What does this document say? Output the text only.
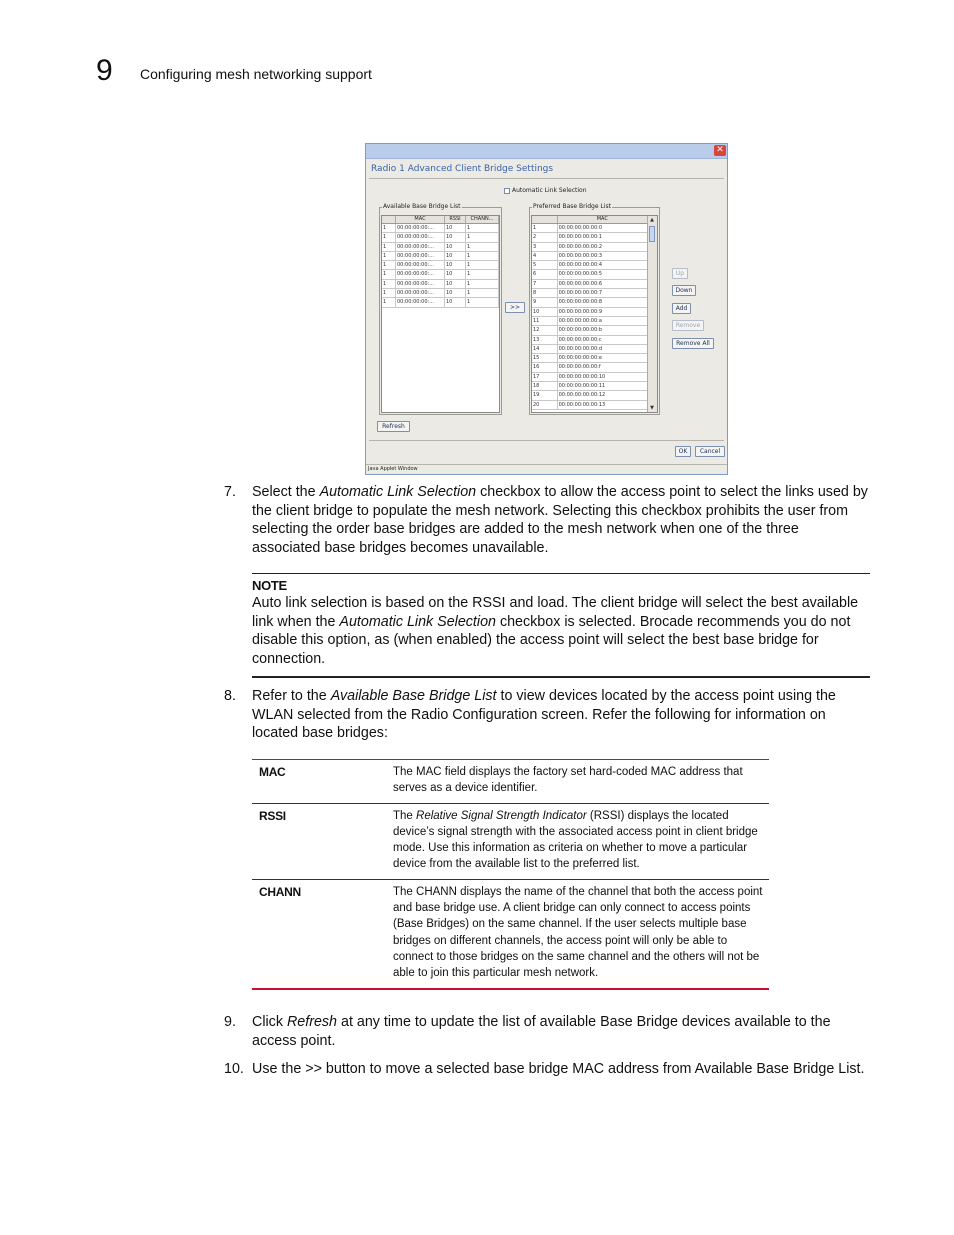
9 Configuring mesh networking support
✕
Radio 1 Advanced Client Bridge Settings
Automatic Link Selection
Available Base Bridge List
MAC	RSSI	CHANN...
1	00:00:00:00:...	10	1
1	00:00:00:00:...	10	1
1	00:00:00:00:...	10	1
1	00:00:00:00:...	10	1
1	00:00:00:00:...	10	1
1	00:00:00:00:...	10	1
1	00:00:00:00:...	10	1
1	00:00:00:00:...	10	1
1	00:00:00:00:...	10	1
>>
Preferred Base Bridge List
MAC
1	00:00:00:00:00:0
2	00:00:00:00:00:1
3	00:00:00:00:00:2
4	00:00:00:00:00:3
5	00:00:00:00:00:4
6	00:00:00:00:00:5
7	00:00:00:00:00:6
8	00:00:00:00:00:7
9	00:00:00:00:00:8
10	00:00:00:00:00:9
11	00:00:00:00:00:a
12	00:00:00:00:00:b
13	00:00:00:00:00:c
14	00:00:00:00:00:d
15	00:00:00:00:00:e
16	00:00:00:00:00:f
17	00:00:00:00:00:10
18	00:00:00:00:00:11
19	00:00:00:00:00:12
20	00:00:00:00:00:13
▲
▼
Up
Down
Add
Remove
Remove All
Refresh
OK	Cancel
Java Applet Window
7. Select the Automatic Link Selection checkbox to allow the access point to select the links used by the client bridge to populate the mesh network. Selecting this checkbox prohibits the user from selecting the order base bridges are added to the mesh network when one of the three associated base bridges becomes unavailable.
NOTE
Auto link selection is based on the RSSI and load. The client bridge will select the best available link when the Automatic Link Selection checkbox is selected. Brocade recommends you do not disable this option, as (when enabled) the access point will select the best base bridge for connection.
8. Refer to the Available Base Bridge List to view devices located by the access point using the WLAN selected from the Radio Configuration screen. Refer the following for information on located base bridges:
MAC	The MAC field displays the factory set hard-coded MAC address that serves as a device identifier.
RSSI	The Relative Signal Strength Indicator (RSSI) displays the located device’s signal strength with the associated access point in client bridge mode. Use this information as criteria on whether to move a particular device from the available list to the preferred list.
CHANN	The CHANN displays the name of the channel that both the access point and base bridge use. A client bridge can only connect to access points (Base Bridges) on the same channel. If the user selects multiple base bridges on different channels, the access point will only be able to connect to those bridges on the same channel and the others will not be able to join this particular mesh network.
9. Click Refresh at any time to update the list of available Base Bridge devices available to the access point.
10. Use the >> button to move a selected base bridge MAC address from Available Base Bridge List.
